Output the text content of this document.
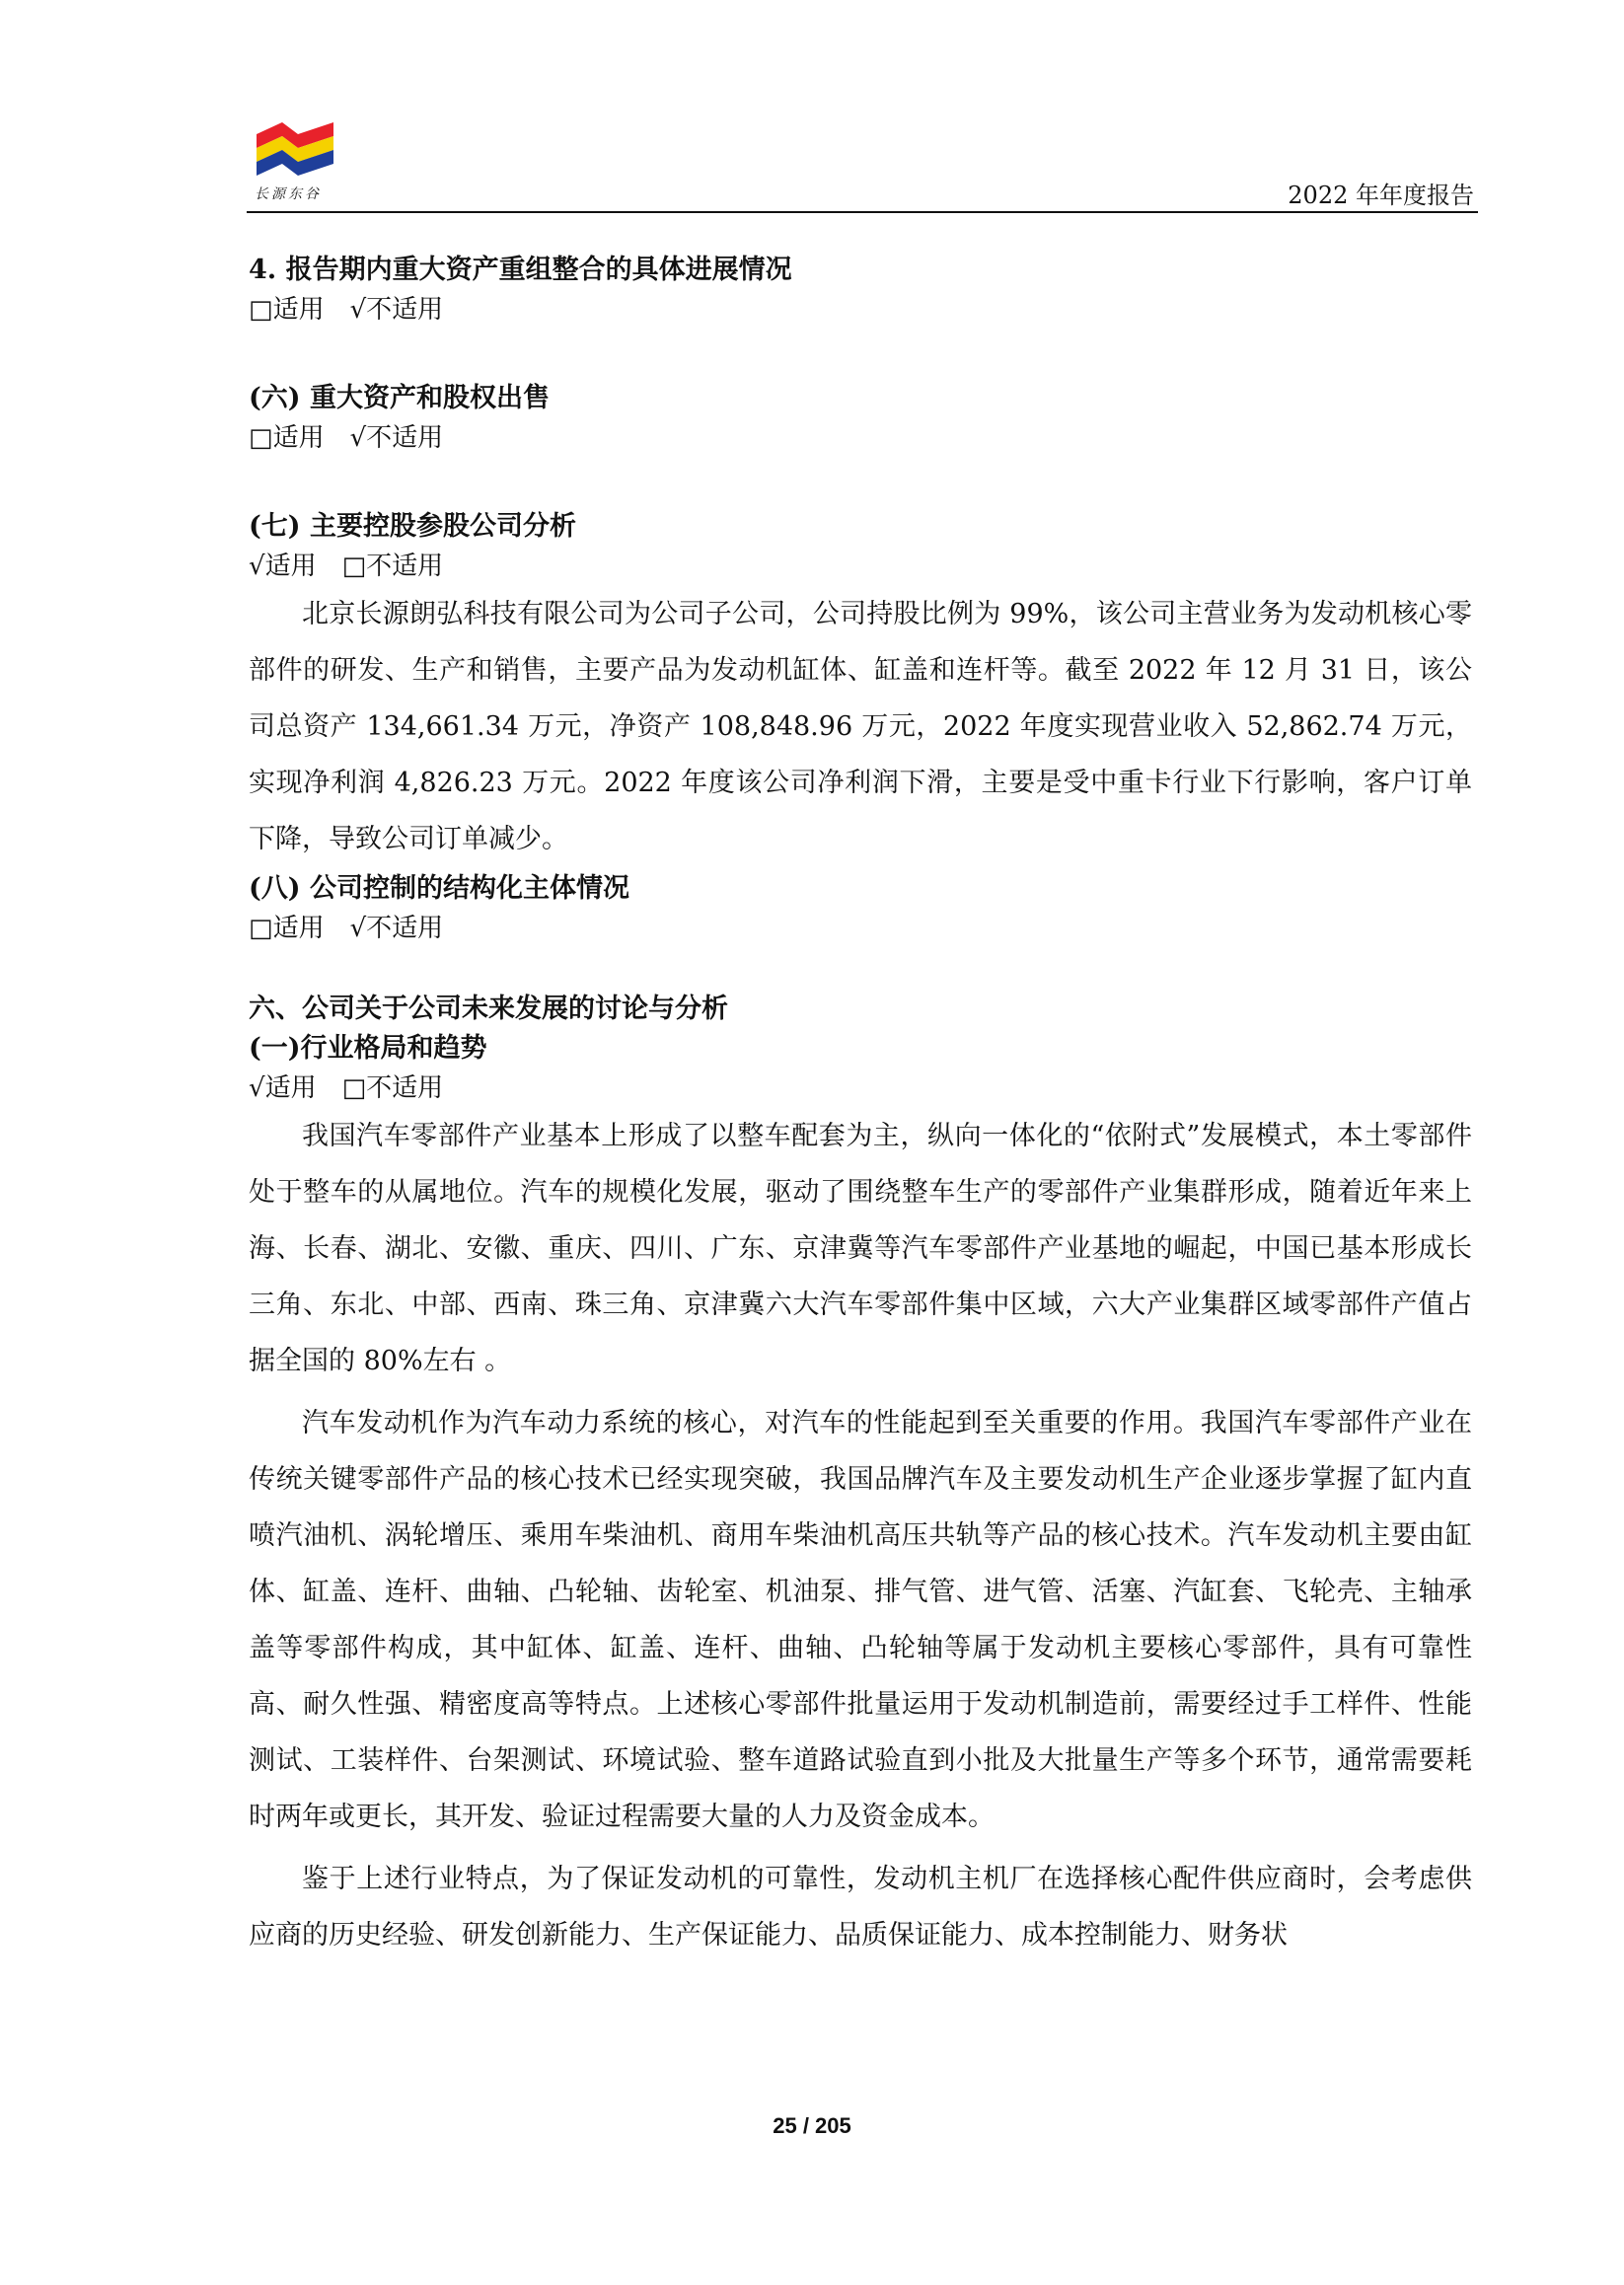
长源东谷	2022 年年度报告
4. 报告期内重大资产重组整合的具体进展情况
□适用 √不适用
(六) 重大资产和股权出售
□适用 √不适用
(七) 主要控股参股公司分析
√适用 □不适用

北京长源朗弘科技有限公司为公司子公司，公司持股比例为 99%，该公司主营业务为发动机核心零部件的研发、生产和销售，主要产品为发动机缸体、缸盖和连杆等。截至 2022 年 12 月 31 日，该公司总资产 134,661.34 万元，净资产 108,848.96 万元，2022 年度实现营业收入 52,862.74 万元，实现净利润 4,826.23 万元。2022 年度该公司净利润下滑，主要是受中重卡行业下行影响，客户订单下降，导致公司订单减少。

(八) 公司控制的结构化主体情况
□适用 √不适用
六、公司关于公司未来发展的讨论与分析
(一)行业格局和趋势
√适用 □不适用

我国汽车零部件产业基本上形成了以整车配套为主，纵向一体化的“依附式”发展模式，本土零部件处于整车的从属地位。汽车的规模化发展，驱动了围绕整车生产的零部件产业集群形成，随着近年来上海、长春、湖北、安徽、重庆、四川、广东、京津冀等汽车零部件产业基地的崛起，中国已基本形成长三角、东北、中部、西南、珠三角、京津冀六大汽车零部件集中区域，六大产业集群区域零部件产值占据全国的 80%左右 。

汽车发动机作为汽车动力系统的核心，对汽车的性能起到至关重要的作用。我国汽车零部件产业在传统关键零部件产品的核心技术已经实现突破，我国品牌汽车及主要发动机生产企业逐步掌握了缸内直喷汽油机、涡轮增压、乘用车柴油机、商用车柴油机高压共轨等产品的核心技术。汽车发动机主要由缸体、缸盖、连杆、曲轴、凸轮轴、齿轮室、机油泵、排气管、进气管、活塞、汽缸套、飞轮壳、主轴承盖等零部件构成，其中缸体、缸盖、连杆、曲轴、凸轮轴等属于发动机主要核心零部件，具有可靠性高、耐久性强、精密度高等特点。上述核心零部件批量运用于发动机制造前，需要经过手工样件、性能测试、工装样件、台架测试、环境试验、整车道路试验直到小批及大批量生产等多个环节，通常需要耗时两年或更长，其开发、验证过程需要大量的人力及资金成本。

鉴于上述行业特点，为了保证发动机的可靠性，发动机主机厂在选择核心配件供应商时，会考虑供应商的历史经验、研发创新能力、生产保证能力、品质保证能力、成本控制能力、财务状

25 / 205
